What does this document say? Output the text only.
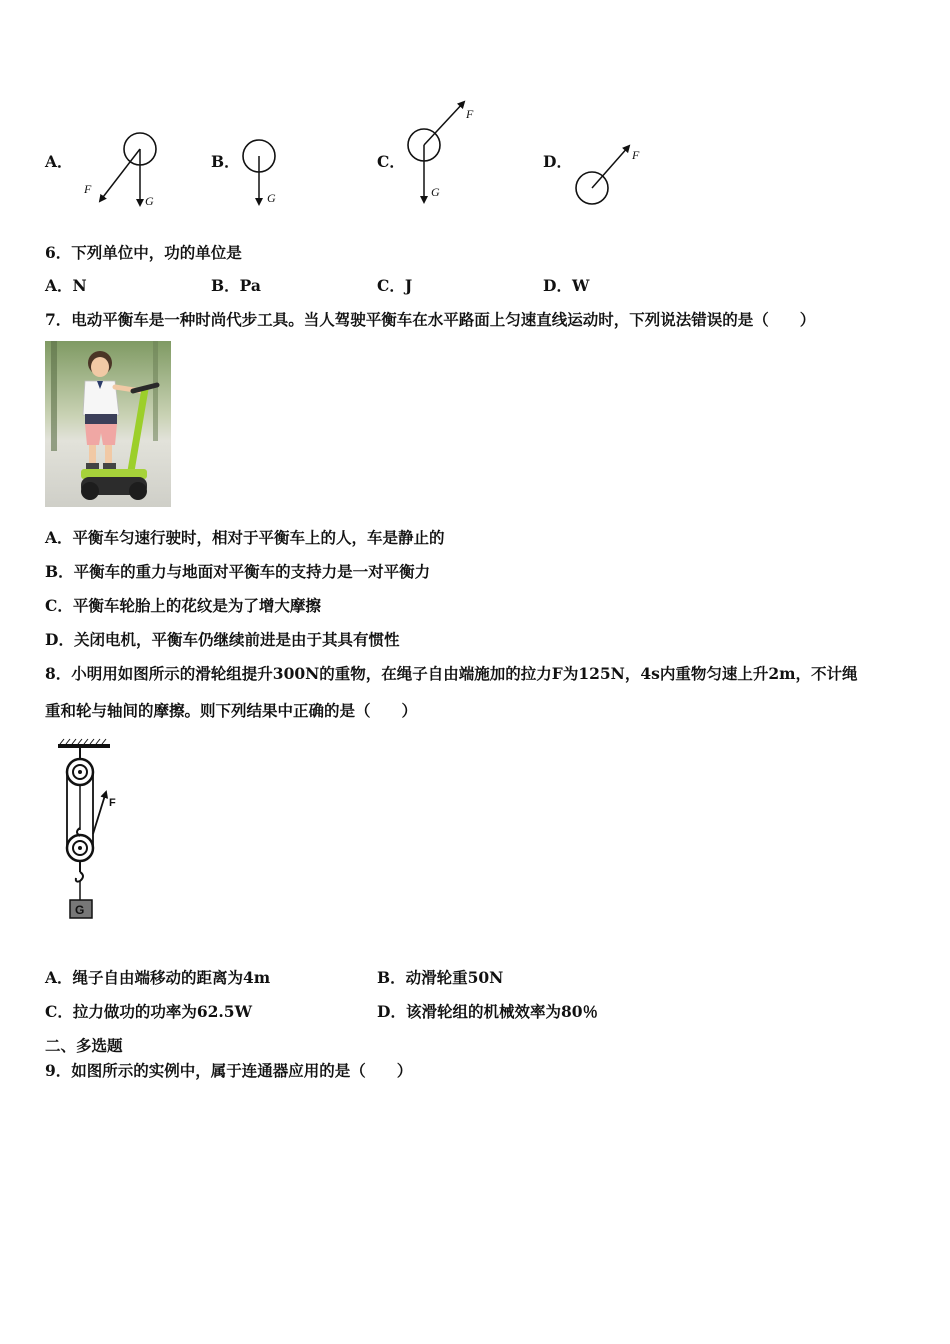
A．
F
G
B．
G
C．
F
G
D．	F
6．下列单位中，功的单位是
A．N	B．Pa	C．J	D．W
7．电动平衡车是一种时尚代步工具。当人驾驶平衡车在水平路面上匀速直线运动时，下列说法错误的是（　　）
A．平衡车匀速行驶时，相对于平衡车上的人，车是静止的
B．平衡车的重力与地面对平衡车的支持力是一对平衡力
C．平衡车轮胎上的花纹是为了增大摩擦
D．关闭电机，平衡车仍继续前进是由于其具有惯性
8．小明用如图所示的滑轮组提升300N的重物，在绳子自由端施加的拉力F为125N，4s内重物匀速上升2m，不计绳
重和轮与轴间的摩擦。则下列结果中正确的是（　　）
G
F
A．绳子自由端移动的距离为4m	B．动滑轮重50N
C．拉力做功的功率为62.5W	D．该滑轮组的机械效率为80％
二、多选题
9．如图所示的实例中，属于连通器应用的是（　　）
